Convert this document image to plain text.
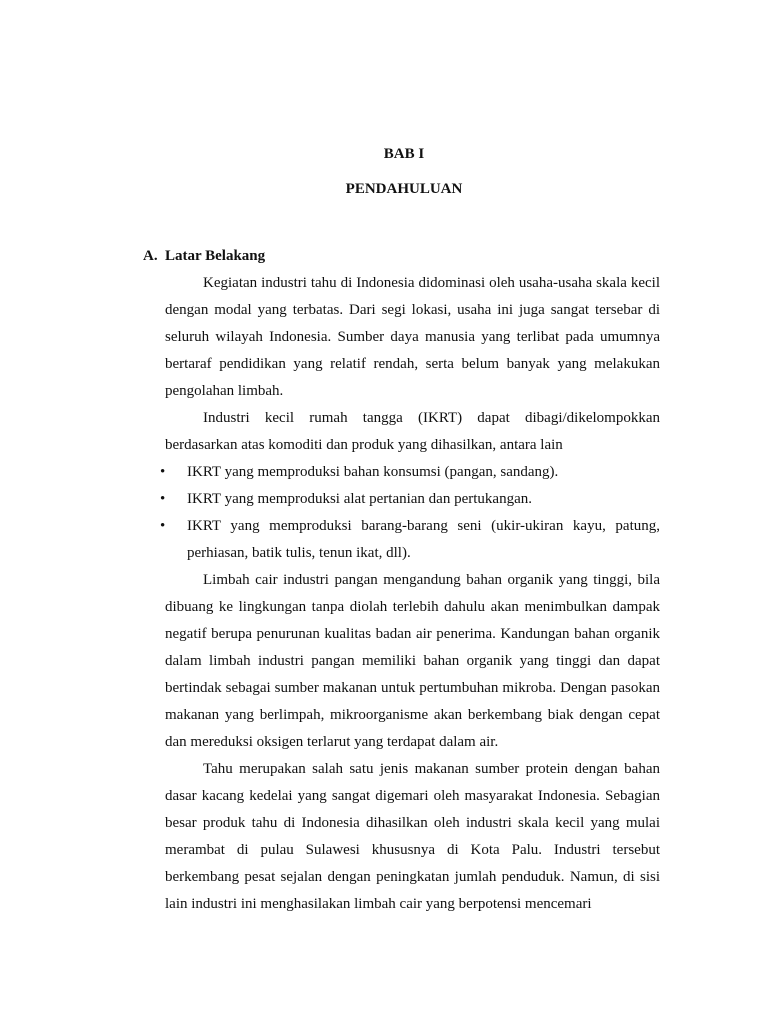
BAB I
PENDAHULUAN
A. Latar Belakang

Kegiatan industri tahu di Indonesia didominasi oleh usaha-usaha skala kecil dengan modal yang terbatas. Dari segi lokasi, usaha ini juga sangat tersebar di seluruh wilayah Indonesia. Sumber daya manusia yang terlibat pada umumnya bertaraf pendidikan yang relatif rendah, serta belum banyak yang melakukan pengolahan limbah.

Industri kecil rumah tangga (IKRT) dapat dibagi/dikelompokkan berdasarkan atas komoditi dan produk yang dihasilkan, antara lain

• IKRT yang memproduksi bahan konsumsi (pangan, sandang).
• IKRT yang memproduksi alat pertanian dan pertukangan.
• IKRT yang memproduksi barang-barang seni (ukir-ukiran kayu, patung, perhiasan, batik tulis, tenun ikat, dll).

Limbah cair industri pangan mengandung bahan organik yang tinggi, bila dibuang ke lingkungan tanpa diolah terlebih dahulu akan menimbulkan dampak negatif berupa penurunan kualitas badan air penerima. Kandungan bahan organik dalam limbah industri pangan memiliki bahan organik yang tinggi dan dapat bertindak sebagai sumber makanan untuk pertumbuhan mikroba. Dengan pasokan makanan yang berlimpah, mikroorganisme akan berkembang biak dengan cepat dan mereduksi oksigen terlarut yang terdapat dalam air.

Tahu merupakan salah satu jenis makanan sumber protein dengan bahan dasar kacang kedelai yang sangat digemari oleh masyarakat Indonesia. Sebagian besar produk tahu di Indonesia dihasilkan oleh industri skala kecil yang mulai merambat di pulau Sulawesi khususnya di Kota Palu. Industri tersebut berkembang pesat sejalan dengan peningkatan jumlah penduduk. Namun, di sisi lain industri ini menghasilakan limbah cair yang berpotensi mencemari
